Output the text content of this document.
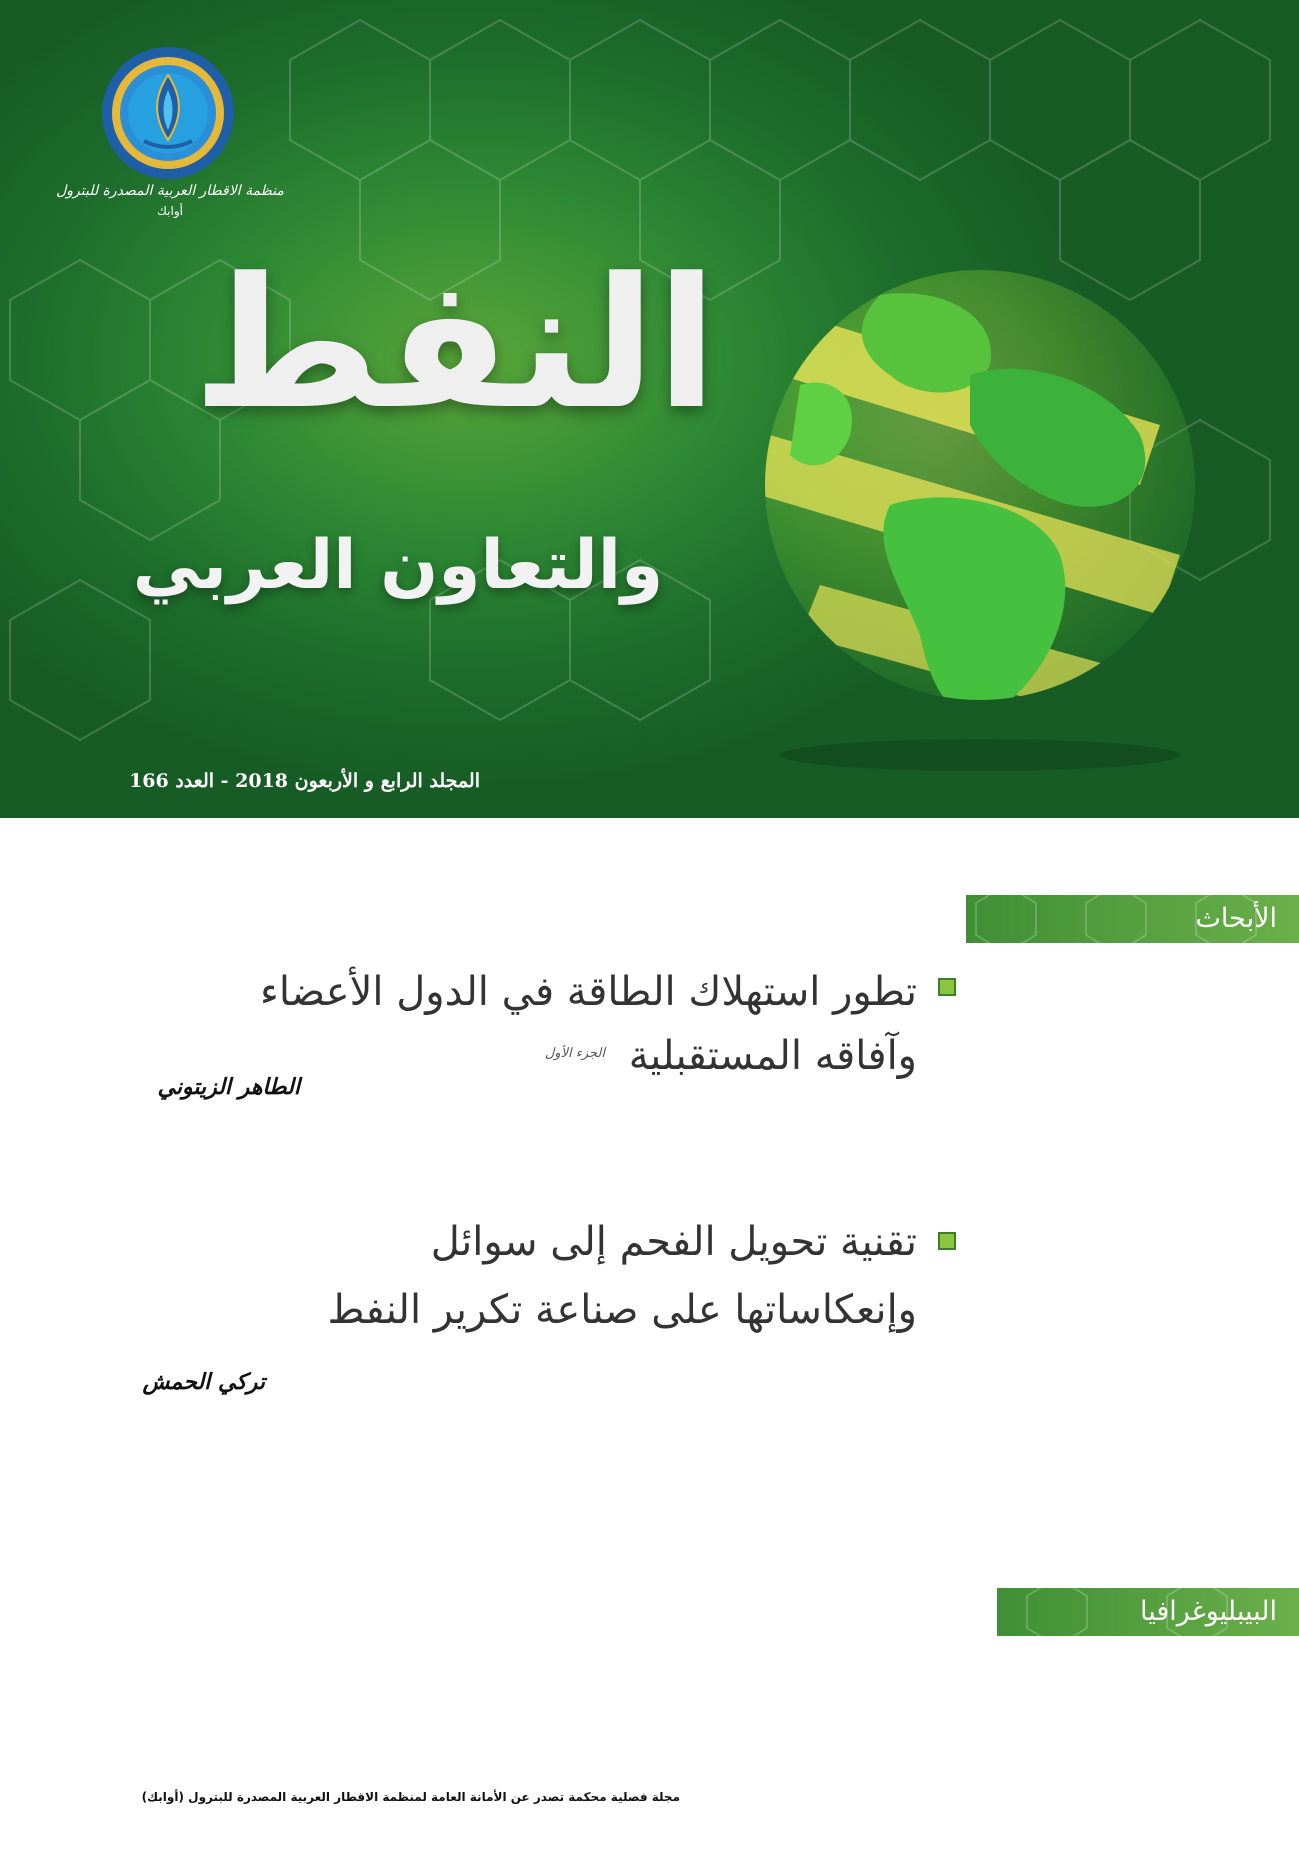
منظمة الاقطار العربية المصدرة للبترول
أوابك
النفط
والتعاون العربي
المجلد الرابع و الأربعون 2018 - العدد 166
الأبحاث
تطور استهلاك الطاقة في الدول الأعضاء
وآفاقه المستقبلية
الجزء الأول
الطاهر الزيتوني
تقنية تحويل الفحم إلى سوائل
وإنعكاساتها على صناعة تكرير النفط
تركي الحمش
البيبليوغرافيا
مجلة فصلية محكمة تصدر عن الأمانة العامة لمنظمة الاقطار العربية المصدرة للبترول (أوابك)
